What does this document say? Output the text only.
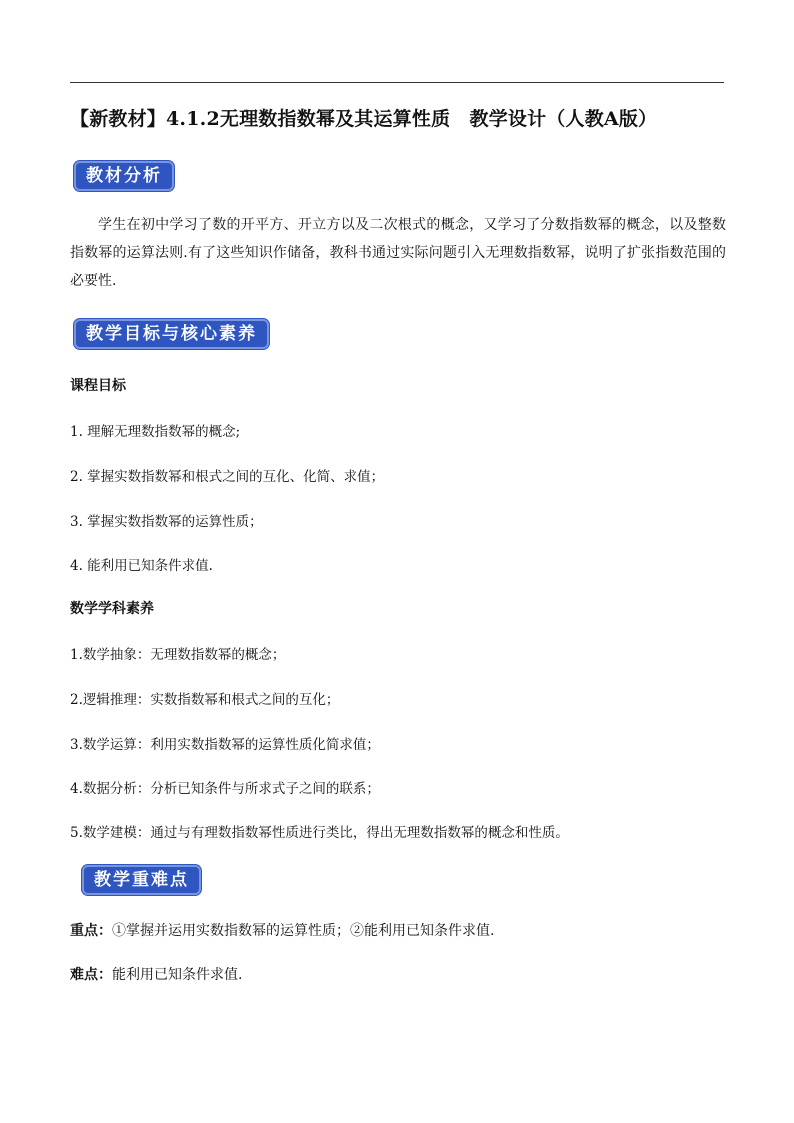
【新教材】4.1.2无理数指数幂及其运算性质　教学设计（人教A版）
教材分析
学生在初中学习了数的开平方、开立方以及二次根式的概念，又学习了分数指数幂的概念，以及整数指数幂的运算法则.有了这些知识作储备，教科书通过实际问题引入无理数指数幂，说明了扩张指数范围的必要性.
教学目标与核心素养
课程目标
1. 理解无理数指数幂的概念;
2. 掌握实数指数幂和根式之间的互化、化简、求值；
3. 掌握实数指数幂的运算性质；
4. 能利用已知条件求值.
数学学科素养
1.数学抽象：无理数指数幂的概念；
2.逻辑推理：实数指数幂和根式之间的互化；
3.数学运算：利用实数指数幂的运算性质化简求值；
4.数据分析：分析已知条件与所求式子之间的联系；
5.数学建模：通过与有理数指数幂性质进行类比，得出无理数指数幂的概念和性质。
教学重难点
重点：①掌握并运用实数指数幂的运算性质；②能利用已知条件求值.
难点：能利用已知条件求值.
